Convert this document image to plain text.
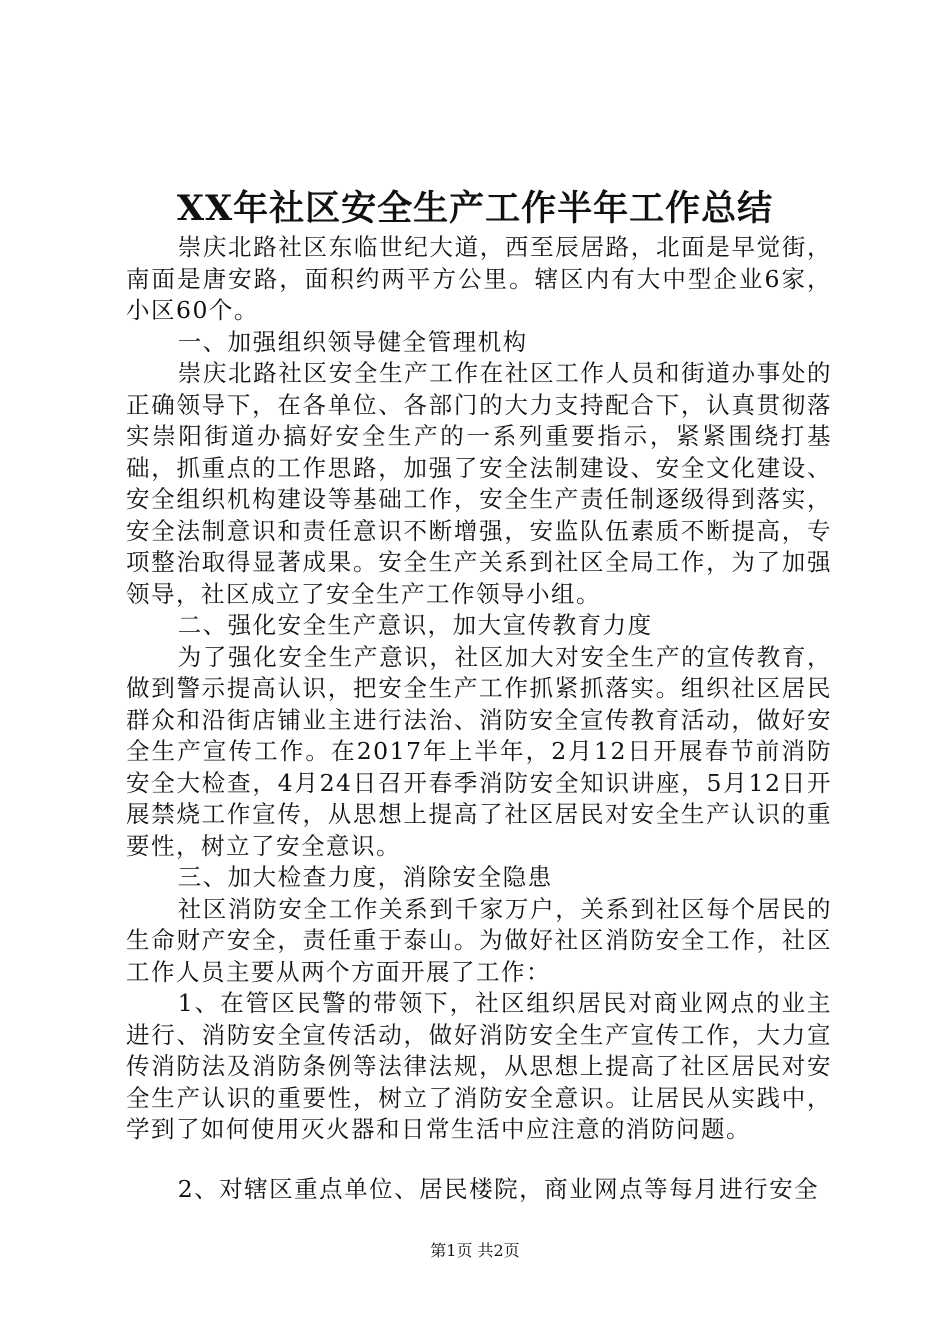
XX年社区安全生产工作半年工作总结

崇庆北路社区东临世纪大道，西至辰居路，北面是早觉街，南面是唐安路，面积约两平方公里。辖区内有大中型企业6家，小区60个。

一、加强组织领导健全管理机构

崇庆北路社区安全生产工作在社区工作人员和街道办事处的正确领导下，在各单位、各部门的大力支持配合下，认真贯彻落实崇阳街道办搞好安全生产的一系列重要指示，紧紧围绕打基础，抓重点的工作思路，加强了安全法制建设、安全文化建设、安全组织机构建设等基础工作，安全生产责任制逐级得到落实，安全法制意识和责任意识不断增强，安监队伍素质不断提高，专项整治取得显著成果。安全生产关系到社区全局工作，为了加强领导，社区成立了安全生产工作领导小组。

二、强化安全生产意识，加大宣传教育力度

为了强化安全生产意识，社区加大对安全生产的宣传教育，做到警示提高认识，把安全生产工作抓紧抓落实。组织社区居民群众和沿街店铺业主进行法治、消防安全宣传教育活动，做好安全生产宣传工作。在2017年上半年，2月12日开展春节前消防安全大检查，4月24日召开春季消防安全知识讲座，5月12日开展禁烧工作宣传，从思想上提高了社区居民对安全生产认识的重要性，树立了安全意识。

三、加大检查力度，消除安全隐患

社区消防安全工作关系到千家万户，关系到社区每个居民的生命财产安全，责任重于泰山。为做好社区消防安全工作，社区工作人员主要从两个方面开展了工作：

1、在管区民警的带领下，社区组织居民对商业网点的业主进行、消防安全宣传活动，做好消防安全生产宣传工作，大力宣传消防法及消防条例等法律法规，从思想上提高了社区居民对安全生产认识的重要性，树立了消防安全意识。让居民从实践中，学到了如何使用灭火器和日常生活中应注意的消防问题。

2、对辖区重点单位、居民楼院，商业网点等每月进行安全

第1页 共2页
